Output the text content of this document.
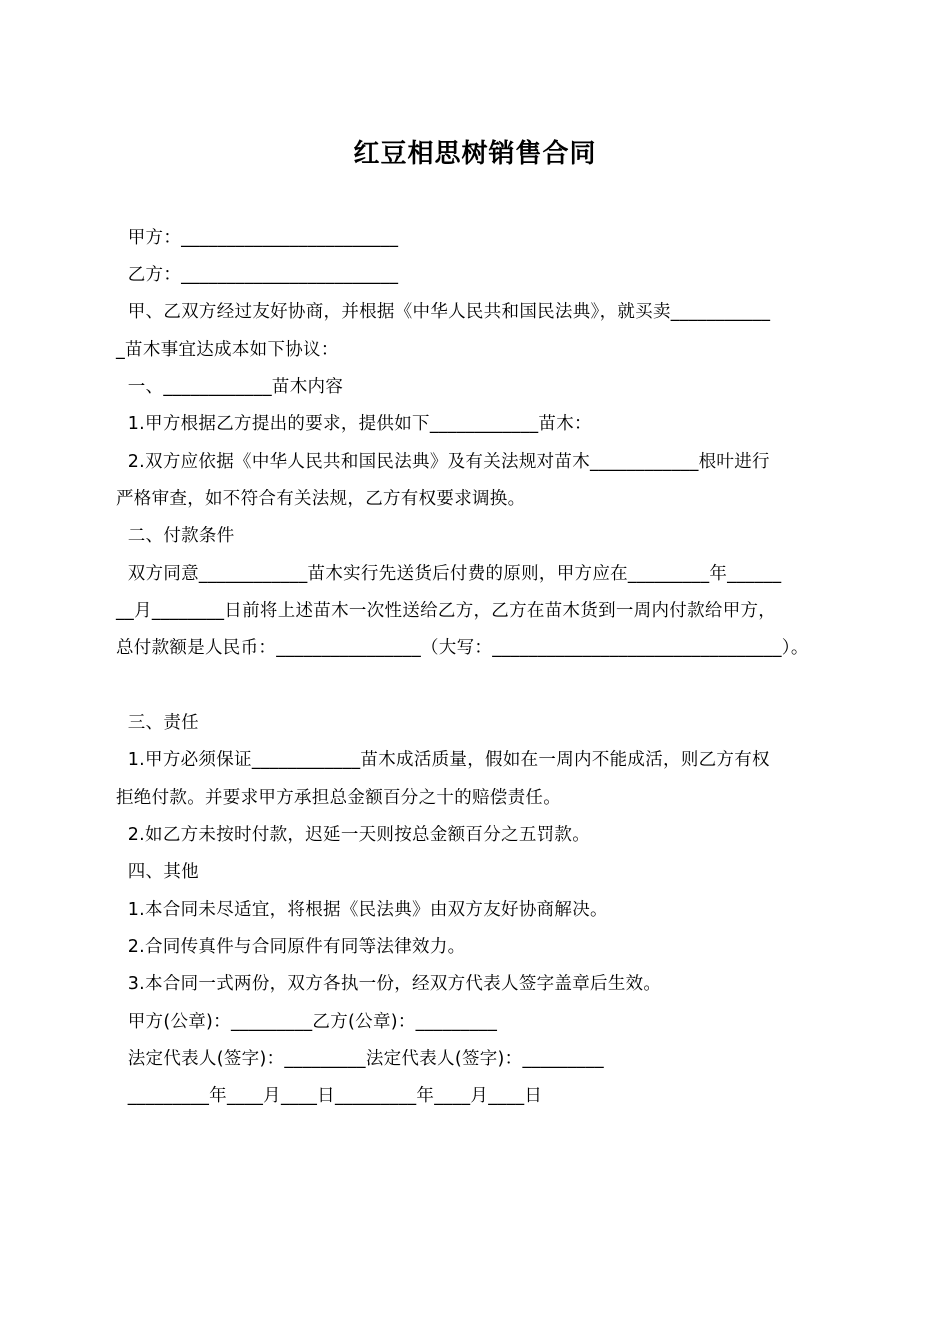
红豆相思树销售合同
甲方：________________________
乙方：________________________
甲、乙双方经过友好协商，并根据《中华人民共和国民法典》，就买卖___________
_苗木事宜达成本如下协议：
一、____________苗木内容
1.甲方根据乙方提出的要求，提供如下____________苗木：
2.双方应依据《中华人民共和国民法典》及有关法规对苗木____________根叶进行
严格审查，如不符合有关法规，乙方有权要求调换。
二、付款条件
双方同意____________苗木实行先送货后付费的原则，甲方应在_________年______
__月________日前将上述苗木一次性送给乙方，乙方在苗木货到一周内付款给甲方，
总付款额是人民币：________________（大写：________________________________）。
三、责任
1.甲方必须保证____________苗木成活质量，假如在一周内不能成活，则乙方有权
拒绝付款。并要求甲方承担总金额百分之十的赔偿责任。
2.如乙方未按时付款，迟延一天则按总金额百分之五罚款。
四、其他
1.本合同未尽适宜，将根据《民法典》由双方友好协商解决。
2.合同传真件与合同原件有同等法律效力。
3.本合同一式两份，双方各执一份，经双方代表人签字盖章后生效。
甲方(公章)：_________乙方(公章)：_________
法定代表人(签字)：_________法定代表人(签字)：_________
_________年____月____日_________年____月____日
